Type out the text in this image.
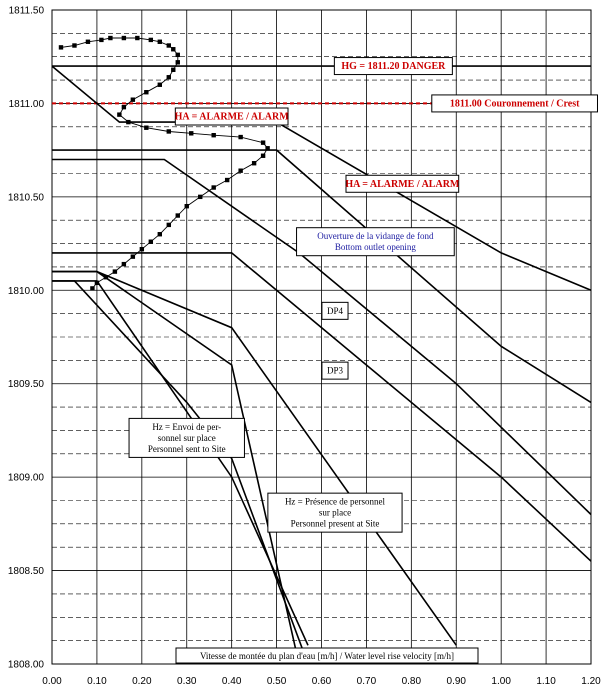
1808.00
1808.50
1809.00
1809.50
1810.00
1810.50
1811.00
1811.50
0.00	0.10	0.20	0.30	0.40	0.50	0.60	0.70	0.80	0.90	1.00	1.10	1.20
HG = 1811.20 DANGER
1811.00 Couronnement / Crest
HA = ALARME / ALARM
HA = ALARME / ALARM
Ouverture de la vidange de fond
Bottom outlet opening
DP4
DP3
Hz = Envoi de per-
sonnel sur place
Personnel sent to Site
Hz = Présence de personnel
sur place
Personnel present at Site
Vitesse de montée du plan d'eau [m/h] / Water level rise velocity [m/h]
